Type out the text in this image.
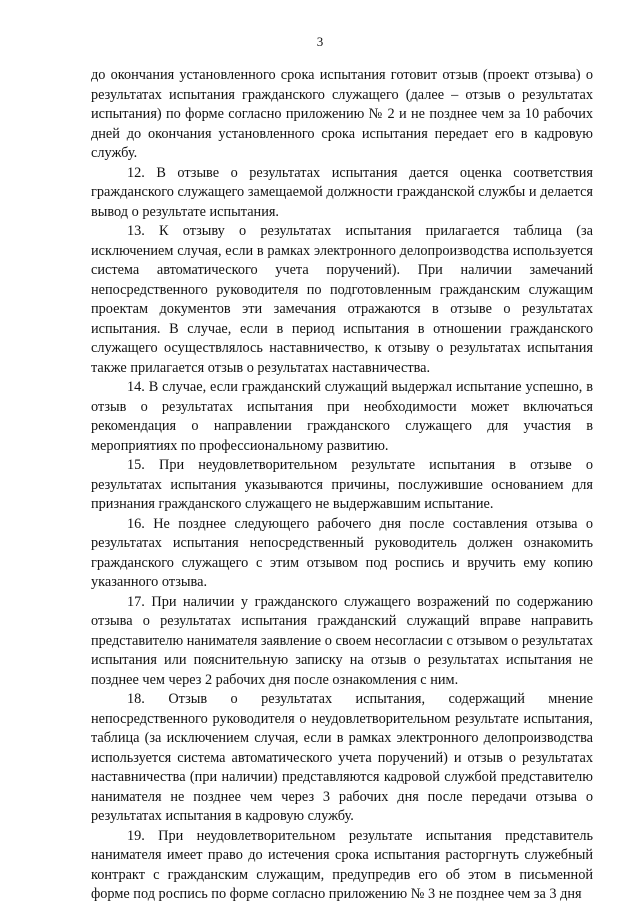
3

до окончания установленного срока испытания готовит отзыв (проект отзыва) о результатах испытания гражданского служащего (далее – отзыв о результатах испытания) по форме согласно приложению № 2 и не позднее чем за 10 рабочих дней до окончания установленного срока испытания передает его в кадровую службу.

12. В отзыве о результатах испытания дается оценка соответствия гражданского служащего замещаемой должности гражданской службы и делается вывод о результате испытания.

13. К отзыву о результатах испытания прилагается таблица (за исключением случая, если в рамках электронного делопроизводства используется система автоматического учета поручений). При наличии замечаний непосредственного руководителя по подготовленным гражданским служащим проектам документов эти замечания отражаются в отзыве о результатах испытания. В случае, если в период испытания в отношении гражданского служащего осуществлялось наставничество, к отзыву о результатах испытания также прилагается отзыв о результатах наставничества.

14. В случае, если гражданский служащий выдержал испытание успешно, в отзыв о результатах испытания при необходимости может включаться рекомендация о направлении гражданского служащего для участия в мероприятиях по профессиональному развитию.

15. При неудовлетворительном результате испытания в отзыве о результатах испытания указываются причины, послужившие основанием для признания гражданского служащего не выдержавшим испытание.

16. Не позднее следующего рабочего дня после составления отзыва о результатах испытания непосредственный руководитель должен ознакомить гражданского служащего с этим отзывом под роспись и вручить ему копию указанного отзыва.

17. При наличии у гражданского служащего возражений по содержанию отзыва о результатах испытания гражданский служащий вправе направить представителю нанимателя заявление о своем несогласии с отзывом о результатах испытания или пояснительную записку на отзыв о результатах испытания не позднее чем через 2 рабочих дня после ознакомления с ним.

18. Отзыв о результатах испытания, содержащий мнение непосредственного руководителя о неудовлетворительном результате испытания, таблица (за исключением случая, если в рамках электронного делопроизводства используется система автоматического учета поручений) и отзыв о результатах наставничества (при наличии) представляются кадровой службой представителю нанимателя не позднее чем через 3 рабочих дня после передачи отзыва о результатах испытания в кадровую службу.

19. При неудовлетворительном результате испытания представитель нанимателя имеет право до истечения срока испытания расторгнуть служебный контракт с гражданским служащим, предупредив его об этом в письменной форме под роспись по форме согласно приложению № 3 не позднее чем за 3 дня
